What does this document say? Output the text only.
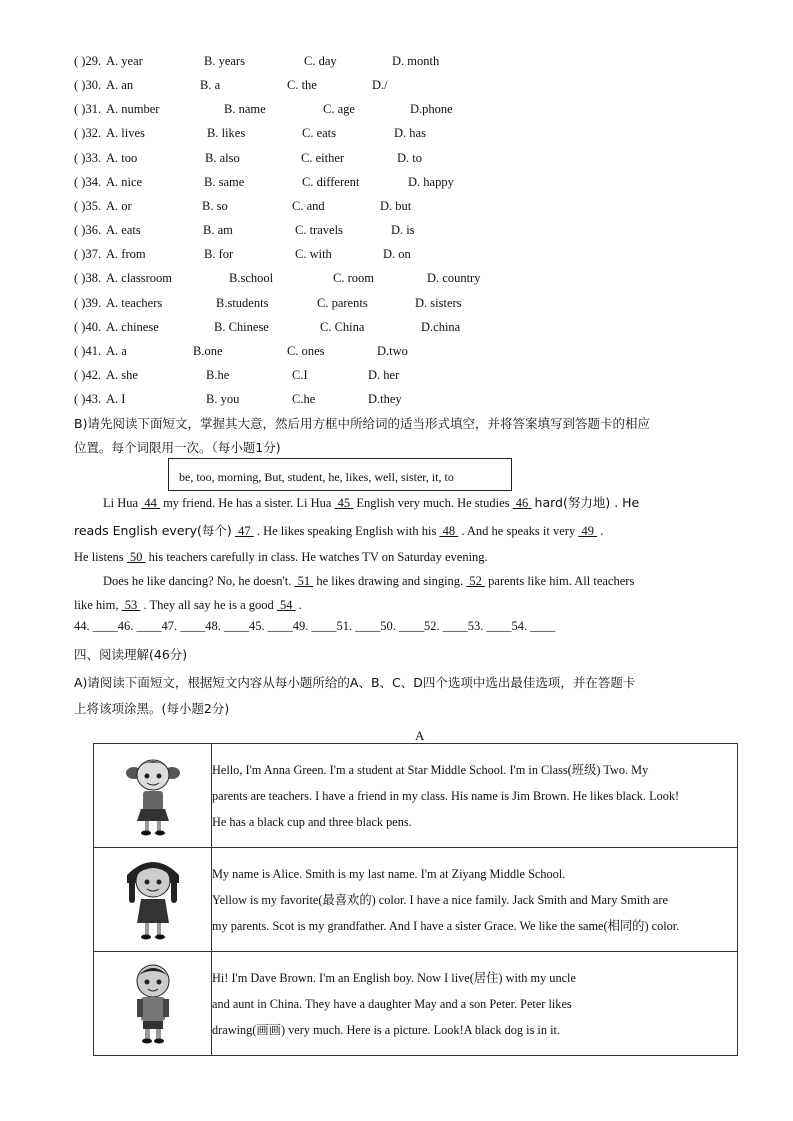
( )29. A. year	B. years	C. day	D. month
( )30. A. an	B. a	C. the	D./
( )31. A. number	B. name	C. age	D.phone
( )32. A. lives	B. likes	C. eats	D. has
( )33. A. too	B. also	C. either	D. to
( )34. A. nice	B. same	C. different	D. happy
( )35. A. or	B. so	C. and	D. but
( )36. A. eats	B. am	C. travels	D. is
( )37. A. from	B. for	C. with	D. on
( )38. A. classroom	B.school	C. room	D. country
( )39. A. teachers	B.students	C. parents	D. sisters
( )40. A. chinese	B. Chinese	C. China	D.china
( )41. A. a	B.one	C. ones	D.two
( )42. A. she	B.he	C.I	D. her
( )43. A. I	B. you	C.he	D.they
B)请先阅读下面短文，掌握其大意，然后用方框中所给词的适当形式填空，并将答案填写到答题卡的相应
位置。每个词限用一次。（每小题1分)
be, too, morning, But, student, he, likes, well, sister, it, to
Li Hua 44 my friend. He has a sister. Li Hua 45 English very much. He studies 46 hard(努力地) . He
reads English every(每个) 47 . He likes speaking English with his 48 . And he speaks it very 49 .
He listens 50 his teachers carefully in class. He watches TV on Saturday evening.
Does he like dancing? No, he doesn't. 51 he likes drawing and singing. 52 parents like him. All teachers
like him, 53 . They all say he is a good 54 .
44. ____46. ____47. ____48. ____45. ____49. ____51. ____50. ____52. ____53. ____54. ____
四、阅读理解(46分)
A)请阅读下面短文，根据短文内容从每小题所给的A、B、C、D四个选项中选出最佳选项，并在答题卡
上将该项涂黑。(每小题2分)
A

Hello, I'm Anna Green. I'm a student at Star Middle School. I'm in Class(班级) Two. My
parents are teachers. I have a friend in my class. His name is Jim Brown. He likes black. Look!
He has a black cup and three black pens.

My name is Alice. Smith is my last name. I'm at Ziyang Middle School.
Yellow is my favorite(最喜欢的) color. I have a nice family. Jack Smith and Mary Smith are
my parents. Scot is my grandfather. And I have a sister Grace. We like the same(相同的) color.

Hi! I'm Dave Brown. I'm an English boy. Now I live(居住) with my uncle
and aunt in China. They have a daughter May and a son Peter. Peter likes
drawing(画画) very much. Here is a picture. Look!A black dog is in it.
